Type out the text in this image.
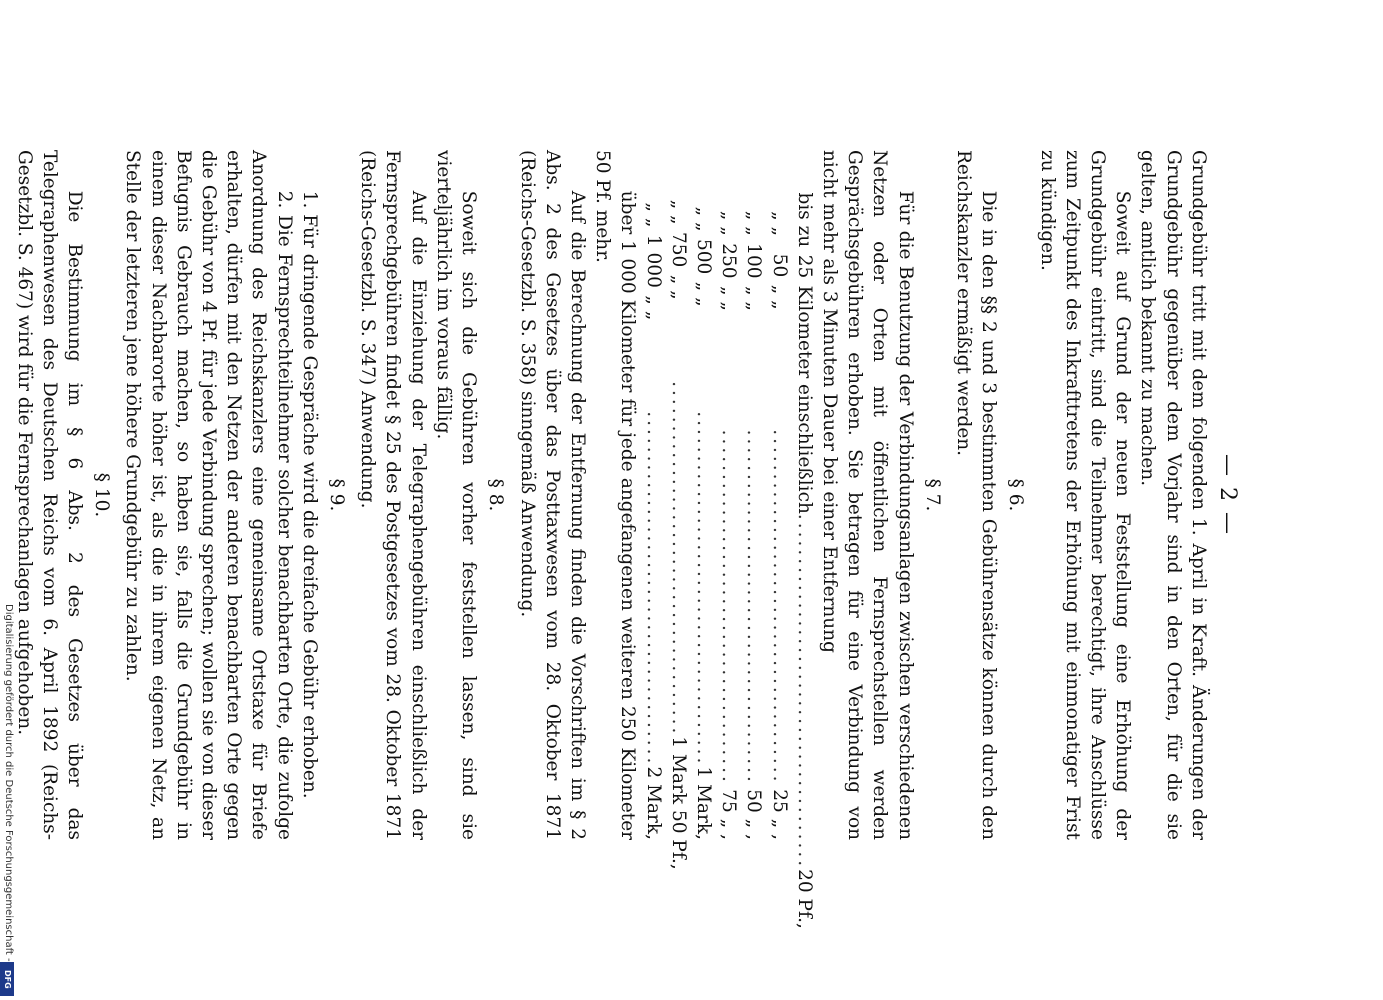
Digitalisierung gefördert durch die Deutsche Forschungsgemeinschaft -
DFG
— 2 —

Grundgebühr tritt mit dem folgenden 1. April in Kraft. Änderungen der Grundgebühr gegenüber dem Vorjahr sind in den Orten, für die sie gelten, amtlich bekannt zu machen.

Soweit auf Grund der neuen Feststellung eine Erhöhung der Grundgebühr eintritt, sind die Teilnehmer berechtigt, ihre Anschlüsse zum Zeitpunkt des Inkrafttretens der Erhöhung mit einmonatiger Frist zu kündigen.

§ 6.

Die in den §§ 2 und 3 bestimmten Gebührensätze können durch den Reichskanzler ermäßigt werden.

§ 7.

Für die Benutzung der Verbindungsanlagen zwischen verschiedenen Netzen oder Orten mit öffentlichen Fernsprechstellen werden Gesprächsgebühren erhoben. Sie betragen für eine Verbindung von nicht mehr als 3 Minuten Dauer bei einer Entfernung

bis zu
25
Kilometer einschließlich
........................................
20 Pf.,
„ „
50
„ „
........................................
25 „ ,
„ „
100
„ „
........................................
50 „ ,
„ „
250
„ „
........................................
75 „ ,
„ „
500
„ „
........................................
1 Mark,
„ „
750
„ „
........................................
1 Mark 50 Pf.,
„ „
1 000
„ „
........................................
2 Mark,

über 1 000 Kilometer für jede angefangenen weiteren 250 Kilometer 50 Pf. mehr.

Auf die Berechnung der Entfernung finden die Vorschriften im § 2 Abs. 2 des Gesetzes über das Posttaxwesen vom 28. Oktober 1871 (Reichs-Gesetzbl. S. 358) sinngemäß Anwendung.

§ 8.

Soweit sich die Gebühren vorher feststellen lassen, sind sie vierteljährlich im voraus fällig.

Auf die Einziehung der Telegraphengebühren einschließlich der Fernsprechgebühren findet § 25 des Postgesetzes vom 28. Oktober 1871 (Reichs-Gesetzbl. S. 347) Anwendung.

§ 9.

1. Für dringende Gespräche wird die dreifache Gebühr erhoben.

2. Die Fernsprechteilnehmer solcher benachbarten Orte, die zufolge Anordnung des Reichskanzlers eine gemeinsame Ortstaxe für Briefe erhalten, dürfen mit den Netzen der anderen benachbarten Orte gegen die Gebühr von 4 Pf. für jede Verbindung sprechen; wollen sie von dieser Befugnis Gebrauch machen, so haben sie, falls die Grundgebühr in einem dieser Nachbarorte höher ist, als die in ihrem eigenen Netz, an Stelle der letzteren jene höhere Grundgebühr zu zahlen.

§ 10.

Die Bestimmung im § 6 Abs. 2 des Gesetzes über das Telegraphenwesen des Deutschen Reichs vom 6. April 1892 (Reichs-Gesetzbl. S. 467) wird für die Fernsprechanlagen aufgehoben.
